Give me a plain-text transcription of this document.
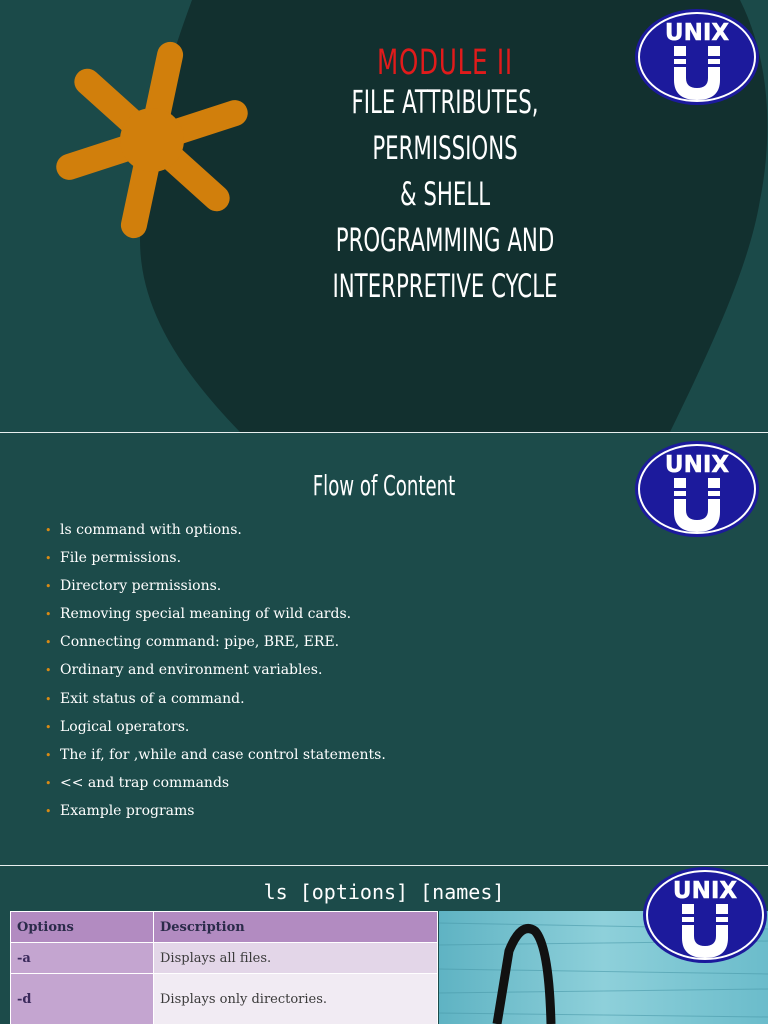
MODULE II
FILE ATTRIBUTES, PERMISSIONS
& SHELL PROGRAMMING AND
INTERPRETIVE CYCLE
UNIX
Flow of Content
• ls command with options.
• File permissions.
• Directory permissions.
• Removing special meaning of wild cards.
• Connecting command: pipe, BRE, ERE.
• Ordinary and environment variables.
• Exit status of a command.
• Logical operators.
• The if, for ,while and case control statements.
• << and trap commands
• Example programs
UNIX
ls [options] [names]
Options	Description
-a	Displays all files.
-d	Displays only directories.
UNIX
